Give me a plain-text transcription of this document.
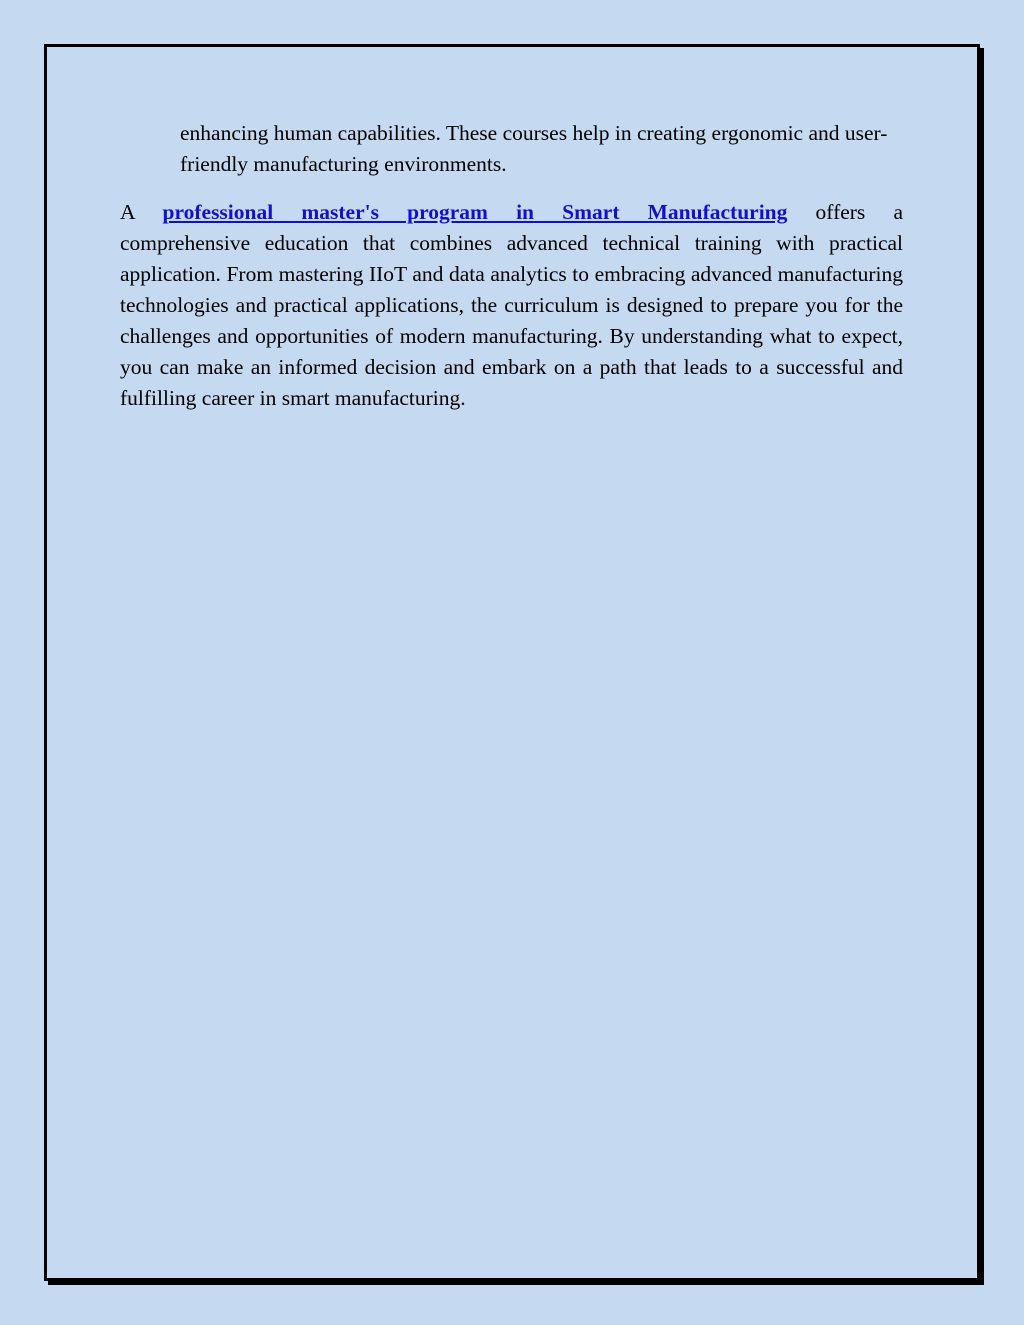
enhancing human capabilities. These courses help in creating ergonomic and user-friendly manufacturing environments.

A professional master's program in Smart Manufacturing offers a
comprehensive education that combines advanced technical training with practical application. From mastering IIoT and data analytics to embracing advanced manufacturing technologies and practical applications, the curriculum is designed to prepare you for the challenges and opportunities of modern manufacturing. By understanding what to expect, you can make an informed decision and embark on a path that leads to a successful and fulfilling career in smart manufacturing.
